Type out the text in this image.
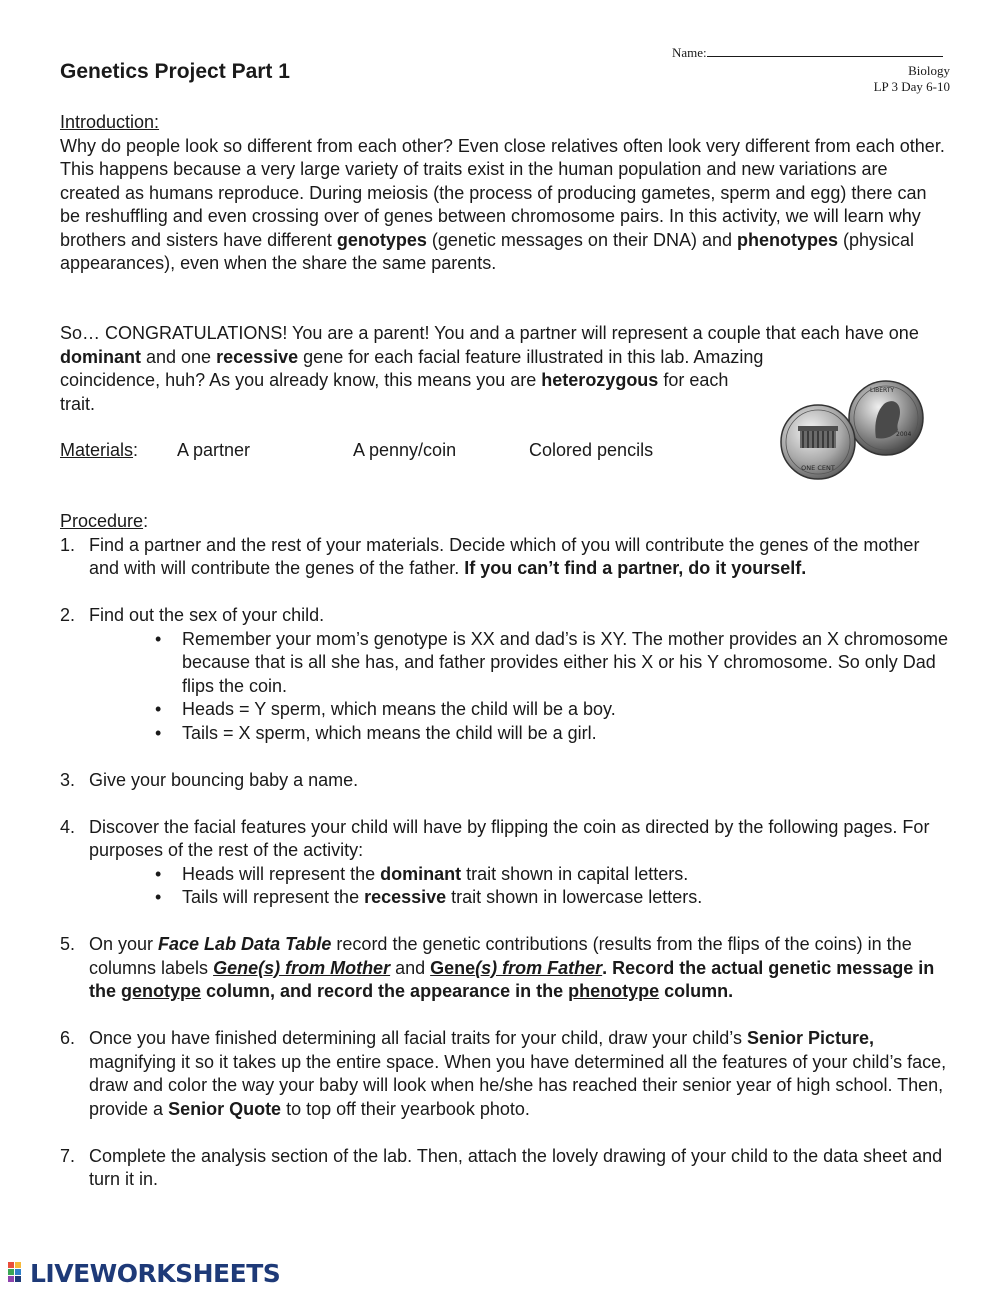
Genetics Project Part 1
Name:
Biology
LP 3 Day 6-10

Introduction:

Why do people look so different from each other? Even close relatives often look very different from each other. This happens because a very large variety of traits exist in the human population and new variations are created as humans reproduce. During meiosis (the process of producing gametes, sperm and egg) there can be reshuffling and even crossing over of genes between chromosome pairs. In this activity, we will learn why brothers and sisters have different genotypes (genetic messages on their DNA) and phenotypes (physical appearances), even when the share the same parents.

So… CONGRATULATIONS! You are a parent! You and a partner will represent a couple that each have one dominant and one recessive gene for each facial feature illustrated in this lab. Amazing

coincidence, huh? As you already know, this means you are heterozygous for each trait.

Materials: A partner	A penny/coin	Colored pencils
LIBERTY
2004
ONE CENT

Procedure:

1. Find a partner and the rest of your materials. Decide which of you will contribute the genes of the mother and with will contribute the genes of the father. If you can’t find a partner, do it yourself.
2. Find out the sex of your child.
• Remember your mom’s genotype is XX and dad’s is XY. The mother provides an X chromosome because that is all she has, and father provides either his X or his Y chromosome. So only Dad flips the coin.
• Heads = Y sperm, which means the child will be a boy.
• Tails = X sperm, which means the child will be a girl.
3. Give your bouncing baby a name.
4. Discover the facial features your child will have by flipping the coin as directed by the following pages. For purposes of the rest of the activity:
• Heads will represent the dominant trait shown in capital letters.
• Tails will represent the recessive trait shown in lowercase letters.
5. On your Face Lab Data Table record the genetic contributions (results from the flips of the coins) in the columns labels Gene(s) from Mother and Gene(s) from Father. Record the actual genetic message in the genotype column, and record the appearance in the phenotype column.
6. Once you have finished determining all facial traits for your child, draw your child’s Senior Picture, magnifying it so it takes up the entire space. When you have determined all the features of your child’s face, draw and color the way your baby will look when he/she has reached their senior year of high school. Then, provide a Senior Quote to top off their yearbook photo.
7. Complete the analysis section of the lab. Then, attach the lovely drawing of your child to the data sheet and turn it in.
LIVEWORKSHEETS
